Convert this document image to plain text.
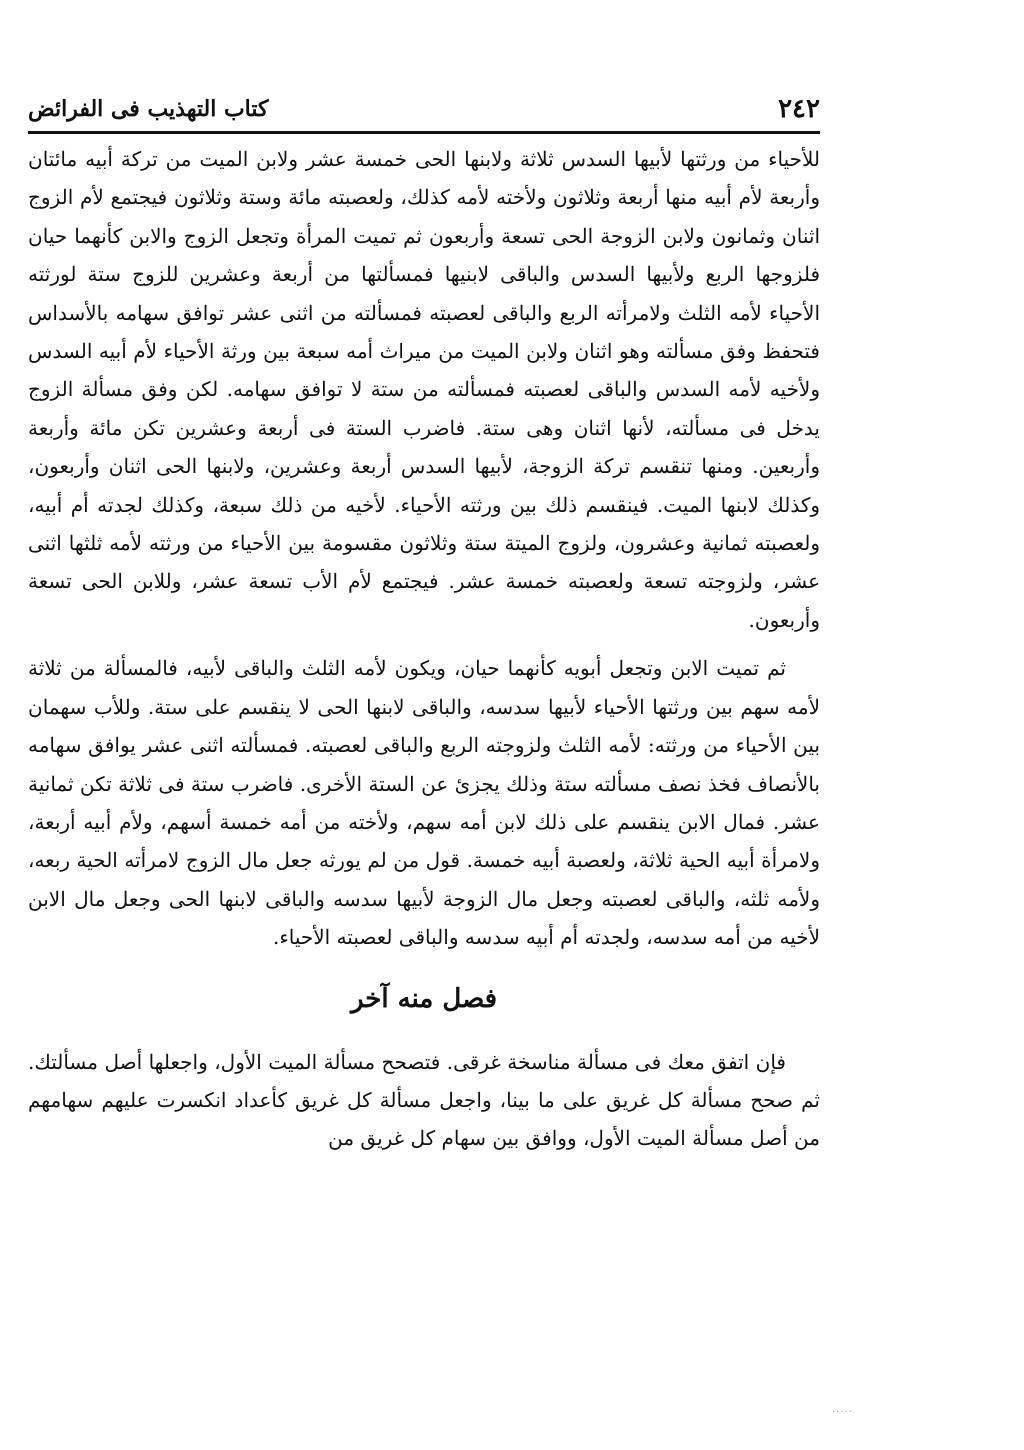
٢٤٢
كتاب التهذيب فى الفرائض

للأحياء من ورثتها لأبيها السدس ثلاثة ولابنها الحى خمسة عشر ولابن الميت من تركة أبيه مائتان وأربعة لأم أبيه منها أربعة وثلاثون ولأخته لأمه كذلك، ولعصبته مائة وستة وثلاثون فيجتمع لأم الزوج اثنان وثمانون ولابن الزوجة الحى تسعة وأربعون ثم تميت المرأة وتجعل الزوج والابن كأنهما حيان فلزوجها الربع ولأبيها السدس والباقى لابنيها فمسألتها من أربعة وعشرين للزوج ستة لورثته الأحياء لأمه الثلث ولامرأته الربع والباقى لعصبته فمسألته من اثنى عشر توافق سهامه بالأسداس فتحفظ وفق مسألته وهو اثنان ولابن الميت من ميراث أمه سبعة بين ورثة الأحياء لأم أبيه السدس ولأخيه لأمه السدس والباقى لعصبته فمسألته من ستة لا توافق سهامه. لكن وفق مسألة الزوج يدخل فى مسألته، لأنها اثنان وهى ستة. فاضرب الستة فى أربعة وعشرين تكن مائة وأربعة وأربعين. ومنها تنقسم تركة الزوجة، لأبيها السدس أربعة وعشرين، ولابنها الحى اثنان وأربعون، وكذلك لابنها الميت. فينقسم ذلك بين ورثته الأحياء. لأخيه من ذلك سبعة، وكذلك لجدته أم أبيه، ولعصبته ثمانية وعشرون، ولزوج الميتة ستة وثلاثون مقسومة بين الأحياء من ورثته لأمه ثلثها اثنى عشر، ولزوجته تسعة ولعصبته خمسة عشر. فيجتمع لأم الأب تسعة عشر، وللابن الحى تسعة وأربعون.

ثم تميت الابن وتجعل أبويه كأنهما حيان، ويكون لأمه الثلث والباقى لأبيه، فالمسألة من ثلاثة لأمه سهم بين ورثتها الأحياء لأبيها سدسه، والباقى لابنها الحى لا ينقسم على ستة. وللأب سهمان بين الأحياء من ورثته: لأمه الثلث ولزوجته الربع والباقى لعصبته. فمسألته اثنى عشر يوافق سهامه بالأنصاف فخذ نصف مسألته ستة وذلك يجزئ عن الستة الأخرى. فاضرب ستة فى ثلاثة تكن ثمانية عشر. فمال الابن ينقسم على ذلك لابن أمه سهم، ولأخته من أمه خمسة أسهم، ولأم أبيه أربعة، ولامرأة أبيه الحية ثلاثة، ولعصبة أبيه خمسة. قول من لم يورثه جعل مال الزوج لامرأته الحية ربعه، ولأمه ثلثه، والباقى لعصبته وجعل مال الزوجة لأبيها سدسه والباقى لابنها الحى وجعل مال الابن لأخيه من أمه سدسه، ولجدته أم أبيه سدسه والباقى لعصبته الأحياء.

فصل منه آخر

فإن اتفق معك فى مسألة مناسخة غرقى. فتصحح مسألة الميت الأول، واجعلها أصل مسألتك. ثم صحح مسألة كل غريق على ما بينا، واجعل مسألة كل غريق كأعداد انكسرت عليهم سهامهم من أصل مسألة الميت الأول، ووافق بين سهام كل غريق من

.....
